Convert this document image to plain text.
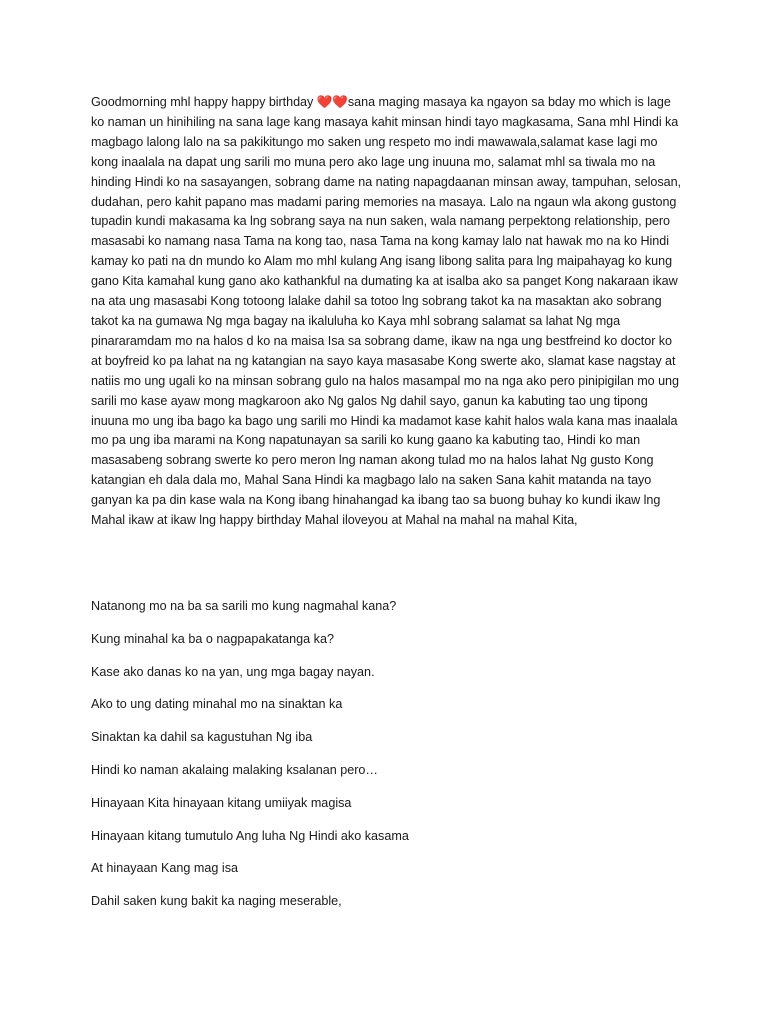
Goodmorning mhl happy happy birthday ❤️❤️sana maging masaya ka ngayon sa bday mo which is lage ko naman un hinihiling na sana lage kang masaya kahit minsan hindi tayo magkasama, Sana mhl Hindi ka magbago lalong lalo na sa pakikitungo mo saken ung respeto mo indi mawawala,salamat kase lagi mo kong inaalala na dapat ung sarili mo muna pero ako lage ung inuuna mo, salamat mhl sa tiwala mo na hinding Hindi ko na sasayangen, sobrang dame na nating napagdaanan minsan away, tampuhan, selosan, dudahan, pero kahit papano mas madami paring memories na masaya. Lalo na ngaun wla akong gustong tupadin kundi makasama ka lng sobrang saya na nun saken, wala namang perpektong relationship, pero masasabi ko namang nasa Tama na kong tao, nasa Tama na kong kamay lalo nat hawak mo na ko Hindi kamay ko pati na dn mundo ko Alam mo mhl kulang Ang isang libong salita para lng maipahayag ko kung gano Kita kamahal kung gano ako kathankful na dumating ka at isalba ako sa panget Kong nakaraan ikaw na ata ung masasabi Kong totoong lalake dahil sa totoo lng sobrang takot ka na masaktan ako sobrang takot ka na gumawa Ng mga bagay na ikaluluha ko Kaya mhl sobrang salamat sa lahat Ng mga pinararamdam mo na halos d ko na maisa Isa sa sobrang dame, ikaw na nga ung bestfreind ko doctor ko at boyfreid ko pa lahat na ng katangian na sayo kaya masasabe Kong swerte ako, slamat kase nagstay at natiis mo ung ugali ko na minsan sobrang gulo na halos masampal mo na nga ako pero pinipigilan mo ung sarili mo kase ayaw mong magkaroon ako Ng galos Ng dahil sayo, ganun ka kabuting tao ung tipong inuuna mo ung iba bago ka bago ung sarili mo Hindi ka madamot kase kahit halos wala kana mas inaalala mo pa ung iba marami na Kong napatunayan sa sarili ko kung gaano ka kabuting tao, Hindi ko man masasabeng sobrang swerte ko pero meron lng naman akong tulad mo na halos lahat Ng gusto Kong katangian eh dala dala mo, Mahal Sana Hindi ka magbago lalo na saken Sana kahit matanda na tayo ganyan ka pa din kase wala na Kong ibang hinahangad ka ibang tao sa buong buhay ko kundi ikaw lng Mahal ikaw at ikaw lng happy birthday Mahal iloveyou at Mahal na mahal na mahal Kita,

Natanong mo na ba sa sarili mo kung nagmahal kana?

Kung minahal ka ba o nagpapakatanga ka?

Kase ako danas ko na yan, ung mga bagay nayan.

Ako to ung dating minahal mo na sinaktan ka

Sinaktan ka dahil sa kagustuhan Ng iba

Hindi ko naman akalaing malaking ksalanan pero…

Hinayaan Kita hinayaan kitang umiiyak magisa

Hinayaan kitang tumutulo Ang luha Ng Hindi ako kasama

At hinayaan Kang mag isa

Dahil saken kung bakit ka naging meserable,
